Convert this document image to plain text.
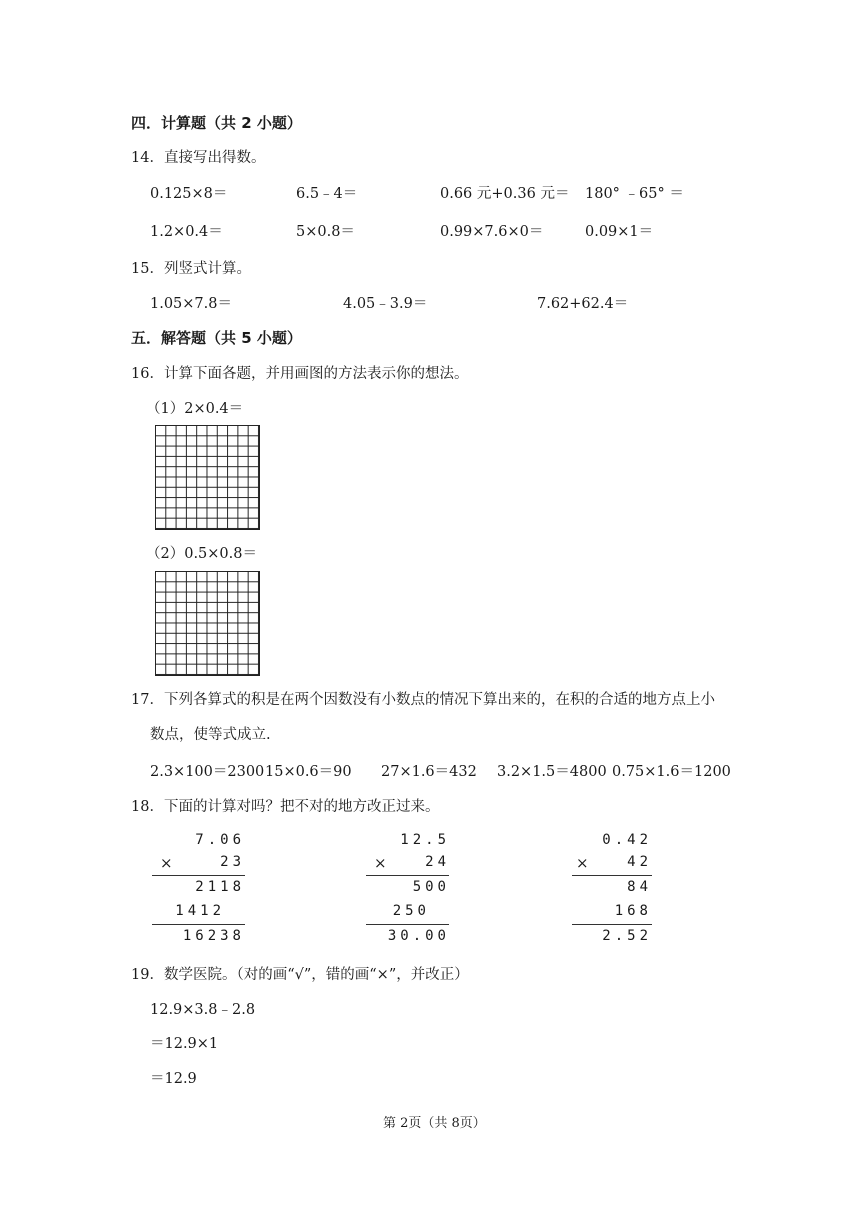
四．计算题（共 2 小题）
14．直接写出得数。
0.125×8＝	6.5﹣4＝	0.66 元+0.36 元＝ 180° ﹣65° ＝
1.2×0.4＝	5×0.8＝	0.99×7.6×0＝	0.09×1＝
15．列竖式计算。
1.05×7.8＝	4.05﹣3.9＝	7.62+62.4＝
五．解答题（共 5 小题）
16．计算下面各题，并用画图的方法表示你的想法。
（1）2×0.4＝
（2）0.5×0.8＝
17．下列各算式的积是在两个因数没有小数点的情况下算出来的，在积的合适的地方点上小
数点，使等式成立.
2.3×100＝2300 15×0.6＝90 27×1.6＝432 3.2×1.5＝4800 0.75×1.6＝1200
18．下面的计算对吗？把不对的地方改正过来。
7.06
×	23
2118
1412
16238
12.5
×	24
500
250
30.00
0.42
×	42
84
168
2.52
19．数学医院。（对的画“√”，错的画“×”，并改正）
12.9×3.8﹣2.8
＝12.9×1
＝12.9
第 2页（共 8页）
